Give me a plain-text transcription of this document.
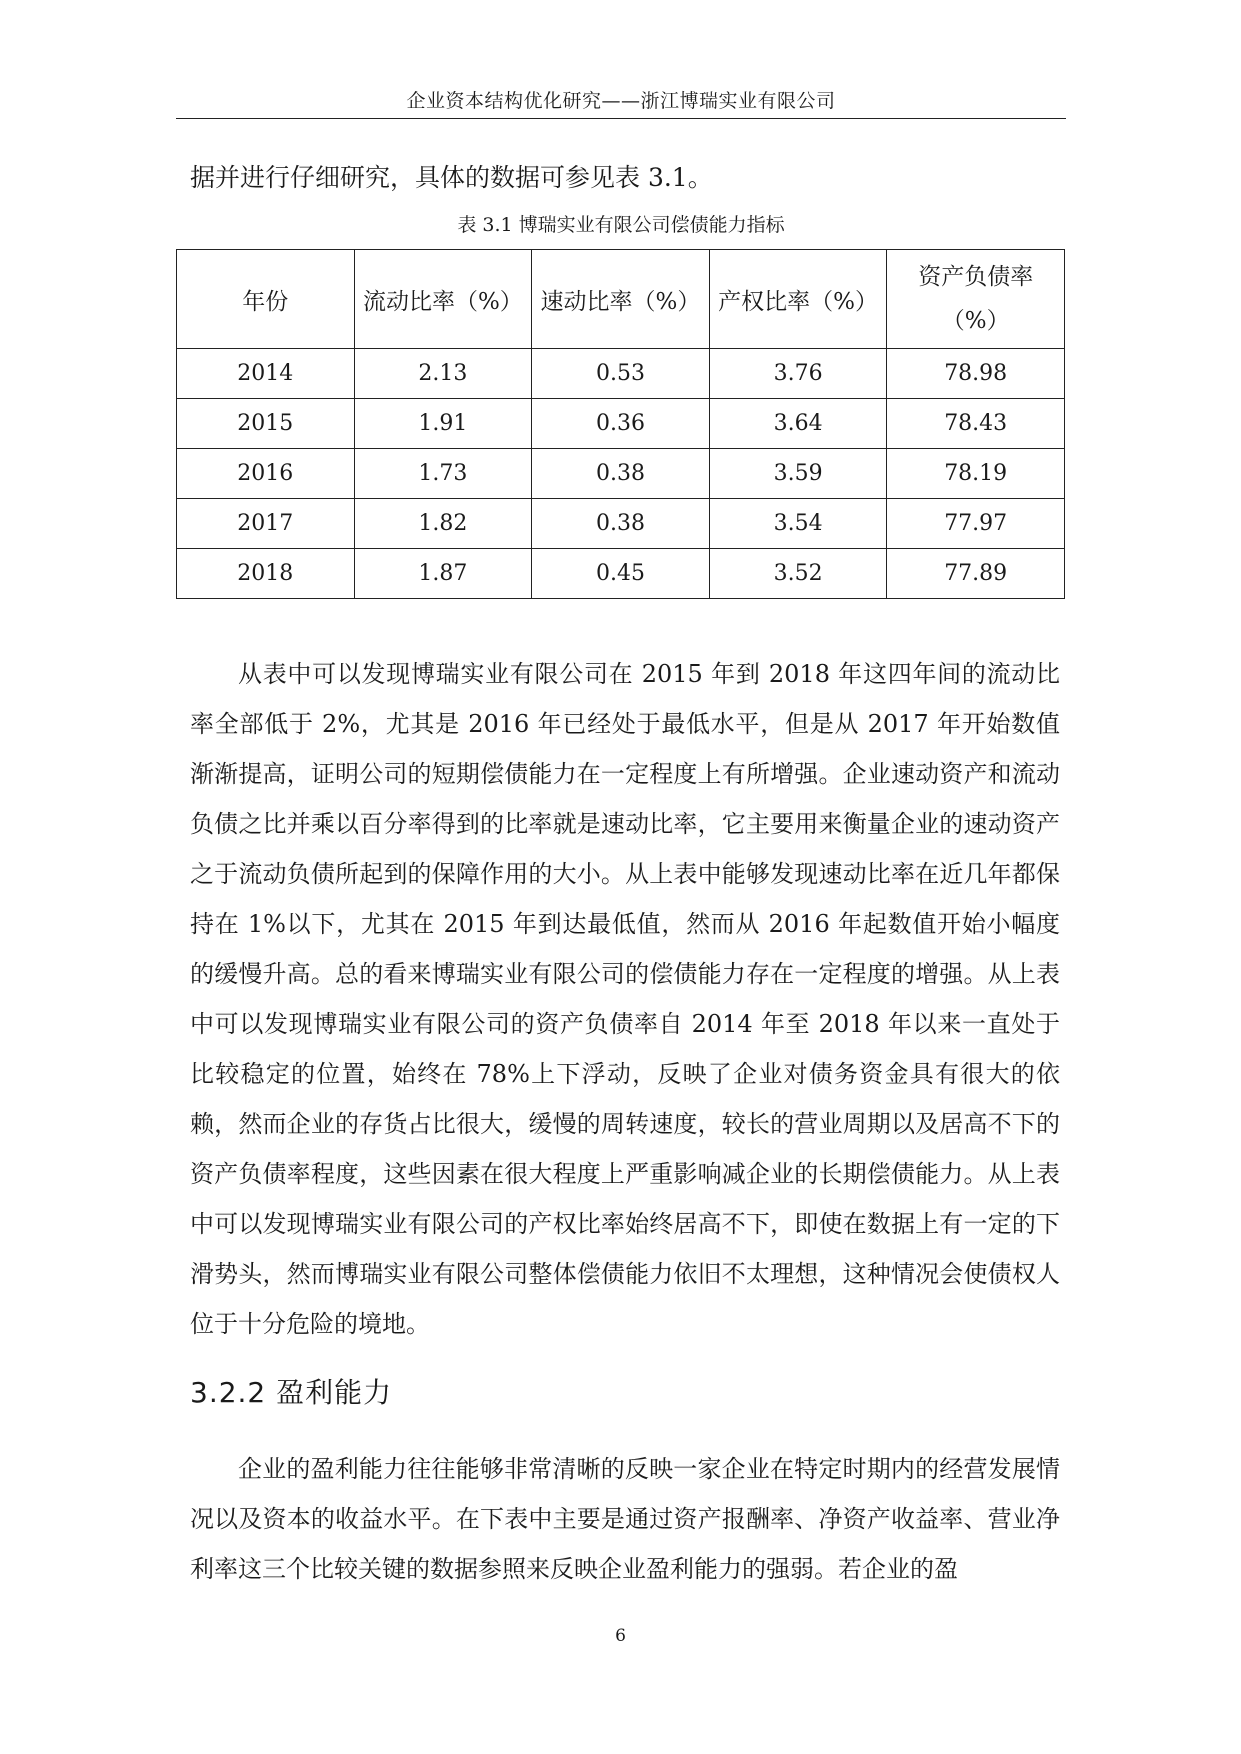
企业资本结构优化研究——浙江博瑞实业有限公司
据并进行仔细研究，具体的数据可参见表 3.1。
表 3.1 博瑞实业有限公司偿债能力指标
年份	流动比率（%）	速动比率（%）	产权比率（%）	资产负债率
（%）

2014	2.13	0.53	3.76	78.98
2015	1.91	0.36	3.64	78.43
2016	1.73	0.38	3.59	78.19
2017	1.82	0.38	3.54	77.97
2018	1.87	0.45	3.52	77.89

从表中可以发现博瑞实业有限公司在 2015 年到 2018 年这四年间的流动比率全部低于 2%，尤其是 2016 年已经处于最低水平，但是从 2017 年开始数值渐渐提高，证明公司的短期偿债能力在一定程度上有所增强。企业速动资产和流动负债之比并乘以百分率得到的比率就是速动比率，它主要用来衡量企业的速动资产之于流动负债所起到的保障作用的大小。从上表中能够发现速动比率在近几年都保持在 1%以下，尤其在 2015 年到达最低值，然而从 2016 年起数值开始小幅度的缓慢升高。总的看来博瑞实业有限公司的偿债能力存在一定程度的增强。从上表中可以发现博瑞实业有限公司的资产负债率自 2014 年至 2018 年以来一直处于比较稳定的位置，始终在 78%上下浮动，反映了企业对债务资金具有很大的依赖，然而企业的存货占比很大，缓慢的周转速度，较长的营业周期以及居高不下的资产负债率程度，这些因素在很大程度上严重影响减企业的长期偿债能力。从上表中可以发现博瑞实业有限公司的产权比率始终居高不下，即使在数据上有一定的下滑势头，然而博瑞实业有限公司整体偿债能力依旧不太理想，这种情况会使债权人位于十分危险的境地。

3.2.2 盈利能力

企业的盈利能力往往能够非常清晰的反映一家企业在特定时期内的经营发展情况以及资本的收益水平。在下表中主要是通过资产报酬率、净资产收益率、营业净利率这三个比较关键的数据参照来反映企业盈利能力的强弱。若企业的盈

6
